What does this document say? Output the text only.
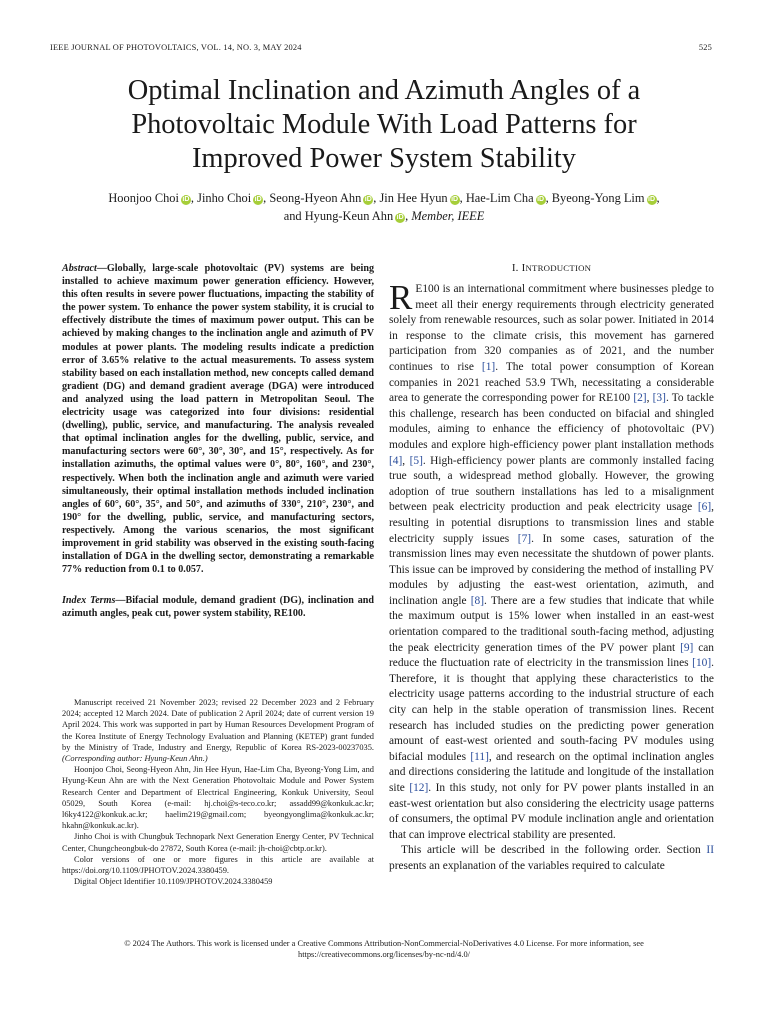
IEEE JOURNAL OF PHOTOVOLTAICS, VOL. 14, NO. 3, MAY 2024	525
Optimal Inclination and Azimuth Angles of a
Photovoltaic Module With Load Patterns for
Improved Power System Stability
Hoonjoo Choi iD , Jinho Choi iD , Seong-Hyeon Ahn iD , Jin Hee Hyun iD , Hae-Lim Cha iD , Byeong-Yong Lim iD ,
and Hyung-Keun Ahn iD , Member, IEEE
Abstract—Globally, large-scale photovoltaic (PV) systems are being installed to achieve maximum power generation efficiency. However, this often results in severe power fluctuations, impacting the stability of the power system. To enhance the power system stability, it is crucial to effectively distribute the times of maximum power output. This can be achieved by making changes to the inclination angle and azimuth of PV modules at power plants. The modeling results indicate a prediction error of 3.65% relative to the actual measurements. To assess system stability based on each installation method, new concepts called demand gradient (DG) and demand gradient average (DGA) were introduced and analyzed using the load pattern in Metropolitan Seoul. The electricity usage was categorized into four divisions: residential (dwelling), public, service, and manufacturing. The analysis revealed that optimal inclination angles for the dwelling, public, service, and manufacturing sectors were 60°, 30°, 30°, and 15°, respectively. As for installation azimuths, the optimal values were 0°, 80°, 160°, and 230°, respectively. When both the inclination angle and azimuth were varied simultaneously, their optimal installation methods included inclination angles of 60°, 60°, 35°, and 50°, and azimuths of 330°, 210°, 230°, and 190° for the dwelling, public, service, and manufacturing sectors, respectively. Among the various scenarios, the most significant improvement in grid stability was observed in the existing south-facing installation of DGA in the dwelling sector, demonstrating a remarkable 77% reduction from 0.1 to 0.057.
Index Terms—Bifacial module, demand gradient (DG), inclination and azimuth angles, peak cut, power system stability, RE100.

Manuscript received 21 November 2023; revised 22 December 2023 and 2 February 2024; accepted 12 March 2024. Date of publication 2 April 2024; date of current version 19 April 2024. This work was supported in part by Human Resources Development Program of the Korea Institute of Energy Technology Evaluation and Planning (KETEP) grant funded by the Ministry of Trade, Industry and Energy, Republic of Korea RS-2023-00237035. (Corresponding author: Hyung-Keun Ahn.)

Hoonjoo Choi, Seong-Hyeon Ahn, Jin Hee Hyun, Hae-Lim Cha, Byeong-Yong Lim, and Hyung-Keun Ahn are with the Next Generation Photovoltaic Module and Power System Research Center and Department of Electrical Engineering, Konkuk University, Seoul 05029, South Korea (e-mail: hj.choi@s-teco.co.kr; assadd99@konkuk.ac.kr; l6ky4122@konkuk.ac.kr; haelim219@gmail.com; byeongyonglima@konkuk.ac.kr; hkahn@konkuk.ac.kr).

Jinho Choi is with Chungbuk Technopark Next Generation Energy Center, PV Technical Center, Chungcheongbuk-do 27872, South Korea (e-mail: jh-choi@cbtp.or.kr).

Color versions of one or more figures in this article are available at https://doi.org/10.1109/JPHOTOV.2024.3380459.

Digital Object Identifier 10.1109/JPHOTOV.2024.3380459

I. INTRODUCTION

R E100 is an international commitment where businesses pledge to meet all their energy requirements through electricity generated solely from renewable resources, such as solar power. Initiated in 2014 in response to the climate crisis, this movement has garnered participation from 320 companies as of 2021, and the number continues to rise [1]. The total power consumption of Korean companies in 2021 reached 53.9 TWh, necessitating a considerable area to generate the corresponding power for RE100 [2], [3]. To tackle this challenge, research has been conducted on bifacial and shingled modules, aiming to enhance the efficiency of photovoltaic (PV) modules and explore high-efficiency power plant installation methods [4], [5]. High-efficiency power plants are commonly installed facing true south, a widespread method globally. However, the growing adoption of true southern installations has led to a misalignment between peak electricity production and peak electricity usage [6], resulting in potential disruptions to transmission lines and stable electricity supply issues [7]. In some cases, saturation of the transmission lines may even necessitate the shutdown of power plants. This issue can be improved by considering the method of installing PV modules by adjusting the east-west orientation, azimuth, and inclination angle [8]. There are a few studies that indicate that while the maximum output is 15% lower when installed in an east-west orientation compared to the traditional south-facing method, adjusting the peak electricity generation times of the PV power plant [9] can reduce the fluctuation rate of electricity in the transmission lines [10]. Therefore, it is thought that applying these characteristics to the electricity usage patterns according to the industrial structure of each city can help in the stable operation of transmission lines. Recent research has included studies on the predicting power generation amount of east-west oriented and south-facing PV modules using bifacial modules [11], and research on the optimal inclination angles and directions considering the latitude and longitude of the installation site [12]. In this study, not only for PV power plants installed in an east-west orientation but also considering the electricity usage patterns of consumers, the optimal PV module inclination angle and orientation that can improve electrical stability are presented.

This article will be described in the following order. Section II presents an explanation of the variables required to calculate

© 2024 The Authors. This work is licensed under a Creative Commons Attribution-NonCommercial-NoDerivatives 4.0 License. For more information, see
https://creativecommons.org/licenses/by-nc-nd/4.0/
